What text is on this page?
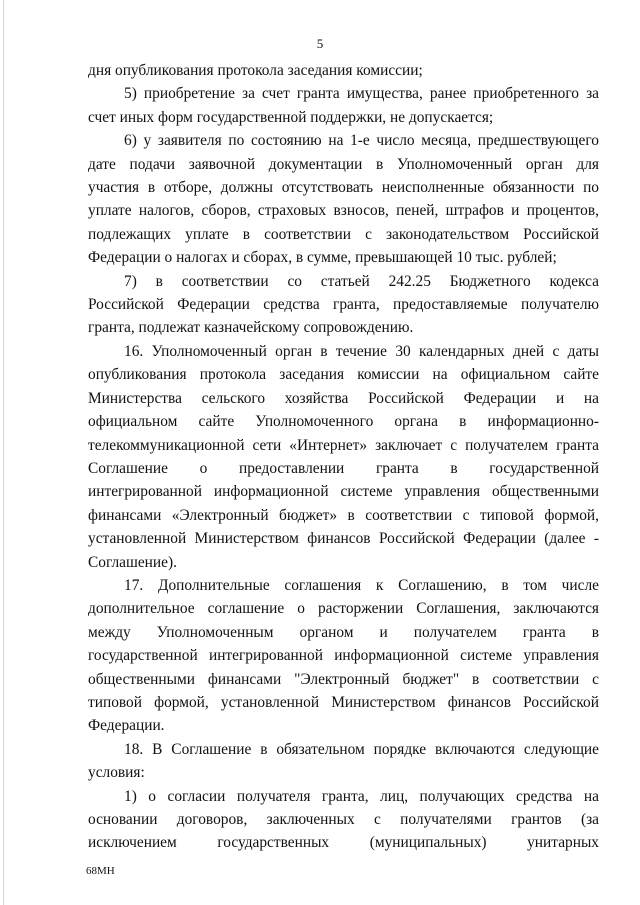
5

дня опубликования протокола заседания комиссии;

5) приобретение за счет гранта имущества, ранее приобретенного за
счет иных форм государственной поддержки, не допускается;

6) у заявителя по состоянию на 1-е число месяца, предшествующего
дате подачи заявочной документации в Уполномоченный орган для
участия в отборе, должны отсутствовать неисполненные обязанности по
уплате налогов, сборов, страховых взносов, пеней, штрафов и процентов,
подлежащих уплате в соответствии с законодательством Российской
Федерации о налогах и сборах, в сумме, превышающей 10 тыс. рублей;

7) в соответствии со статьей 242.25 Бюджетного кодекса
Российской Федерации средства гранта, предоставляемые получателю
гранта, подлежат казначейскому сопровождению.

16. Уполномоченный орган в течение 30 календарных дней с даты
опубликования протокола заседания комиссии на официальном сайте
Министерства сельского хозяйства Российской Федерации и на
официальном сайте Уполномоченного органа в информационно-
телекоммуникационной сети «Интернет» заключает с получателем гранта
Соглашение о предоставлении гранта в государственной
интегрированной информационной системе управления общественными
финансами «Электронный бюджет» в соответствии с типовой формой,
установленной Министерством финансов Российской Федерации (далее -
Соглашение).

17. Дополнительные соглашения к Соглашению, в том числе
дополнительное соглашение о расторжении Соглашения, заключаются
между Уполномоченным органом и получателем гранта в
государственной интегрированной информационной системе управления
общественными финансами "Электронный бюджет" в соответствии с
типовой формой, установленной Министерством финансов Российской
Федерации.

18. В Соглашение в обязательном порядке включаются следующие
условия:

1) о согласии получателя гранта, лиц, получающих средства на
основании договоров, заключенных с получателями грантов (за
исключением государственных (муниципальных) унитарных

68МН
